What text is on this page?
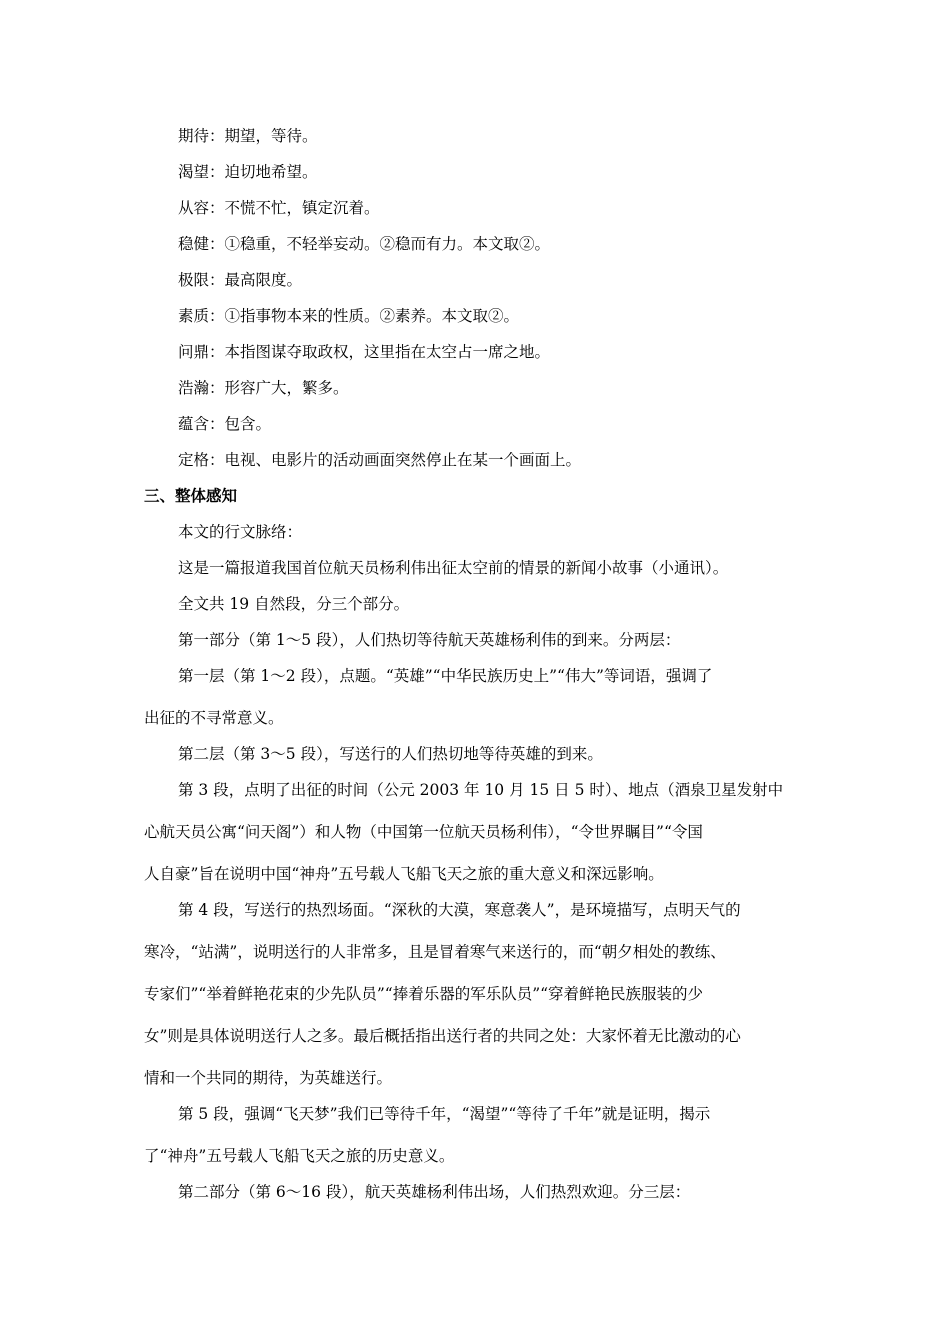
期待：期望，等待。
渴望：迫切地希望。
从容：不慌不忙，镇定沉着。
稳健：①稳重，不轻举妄动。②稳而有力。本文取②。
极限：最高限度。
素质：①指事物本来的性质。②素养。本文取②。
问鼎：本指图谋夺取政权，这里指在太空占一席之地。
浩瀚：形容广大，繁多。
蕴含：包含。
定格：电视、电影片的活动画面突然停止在某一个画面上。
三、整体感知
本文的行文脉络：
这是一篇报道我国首位航天员杨利伟出征太空前的情景的新闻小故事（小通讯）。
全文共 19 自然段，分三个部分。
第一部分（第 1～5 段），人们热切等待航天英雄杨利伟的到来。分两层：
第一层（第 1～2 段），点题。“英雄”“中华民族历史上”“伟大”等词语，强调了
出征的不寻常意义。
第二层（第 3～5 段），写送行的人们热切地等待英雄的到来。
第 3 段，点明了出征的时间（公元 2003 年 10 月 15 日 5 时）、地点（酒泉卫星发射中
心航天员公寓“问天阁”）和人物（中国第一位航天员杨利伟），“令世界瞩目”“令国
人自豪”旨在说明中国“神舟”五号载人飞船飞天之旅的重大意义和深远影响。
第 4 段，写送行的热烈场面。“深秋的大漠，寒意袭人”，是环境描写，点明天气的
寒冷，“站满”，说明送行的人非常多，且是冒着寒气来送行的，而“朝夕相处的教练、
专家们”“举着鲜艳花束的少先队员”“捧着乐器的军乐队员”“穿着鲜艳民族服装的少
女”则是具体说明送行人之多。最后概括指出送行者的共同之处：大家怀着无比激动的心
情和一个共同的期待，为英雄送行。
第 5 段，强调“飞天梦”我们已等待千年，“渴望”“等待了千年”就是证明，揭示
了“神舟”五号载人飞船飞天之旅的历史意义。
第二部分（第 6～16 段），航天英雄杨利伟出场，人们热烈欢迎。分三层：
